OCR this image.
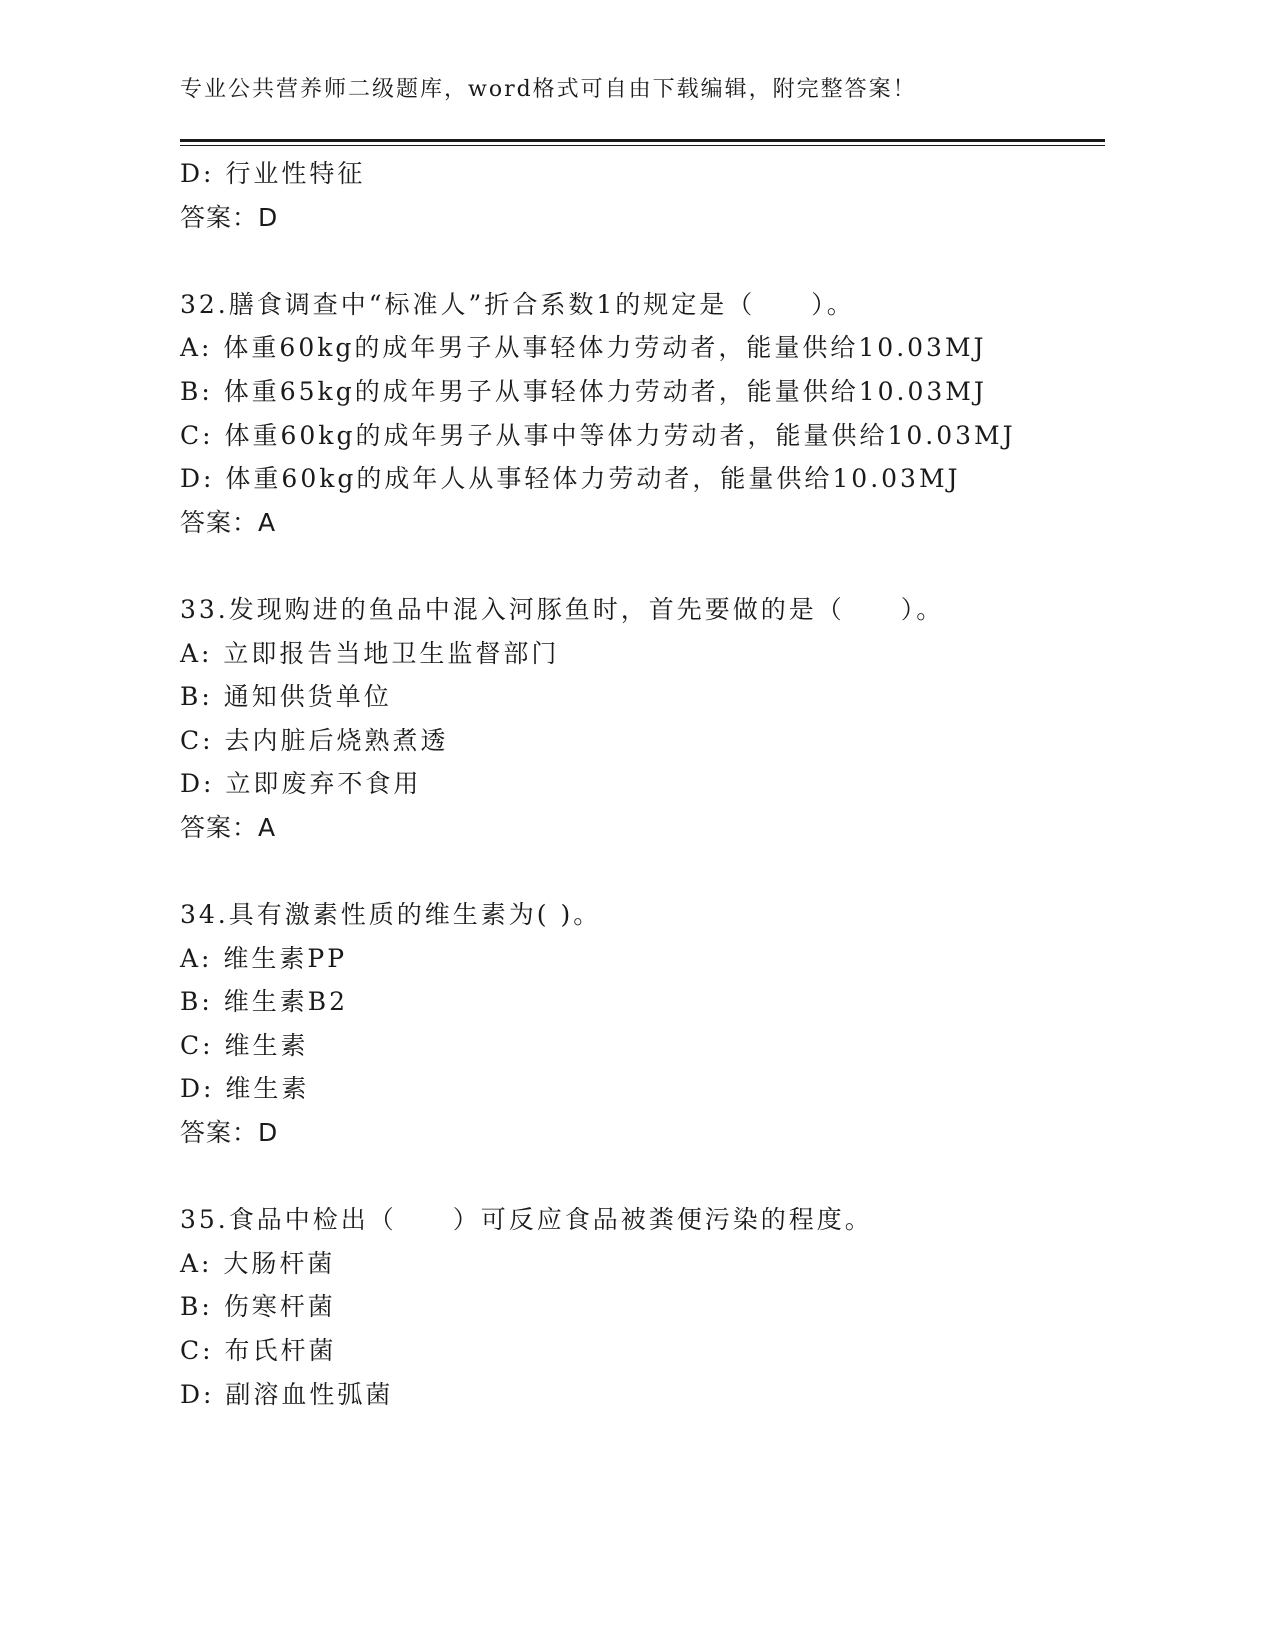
专业公共营养师二级题库，word格式可自由下载编辑，附完整答案！
D: 行业性特征
答案：D
32.膳食调查中“标准人”折合系数1的规定是（　　）。
A: 体重60kg的成年男子从事轻体力劳动者，能量供给10.03MJ
B: 体重65kg的成年男子从事轻体力劳动者，能量供给10.03MJ
C: 体重60kg的成年男子从事中等体力劳动者，能量供给10.03MJ
D: 体重60kg的成年人从事轻体力劳动者，能量供给10.03MJ
答案：A
33.发现购进的鱼品中混入河豚鱼时，首先要做的是（　　）。
A: 立即报告当地卫生监督部门
B: 通知供货单位
C: 去内脏后烧熟煮透
D: 立即废弃不食用
答案：A
34.具有激素性质的维生素为( )。
A: 维生素PP
B: 维生素B2
C: 维生素
D: 维生素
答案：D
35.食品中检出（　　）可反应食品被粪便污染的程度。
A: 大肠杆菌
B: 伤寒杆菌
C: 布氏杆菌
D: 副溶血性弧菌
